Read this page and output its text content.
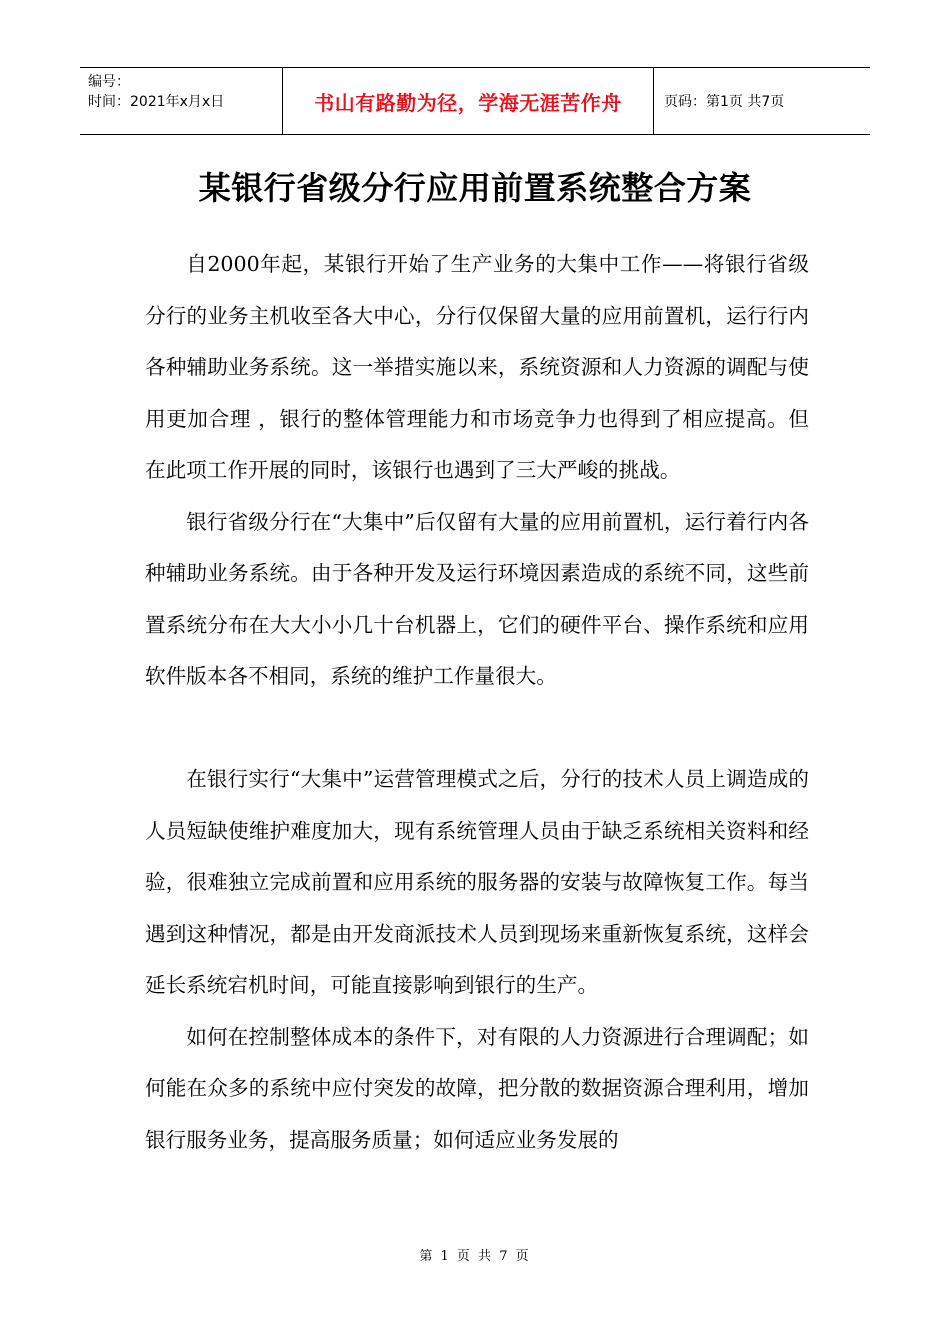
编号：
时间：2021年x月x日	书山有路勤为径，学海无涯苦作舟	页码：第1页 共7页
某银行省级分行应用前置系统整合方案

自2000年起，某银行开始了生产业务的大集中工作——将银行省级分行的业务主机收至各大中心，分行仅保留大量的应用前置机，运行行内各种辅助业务系统。这一举措实施以来，系统资源和人力资源的调配与使用更加合理 ，银行的整体管理能力和市场竞争力也得到了相应提高。但在此项工作开展的同时，该银行也遇到了三大严峻的挑战。

银行省级分行在“大集中”后仅留有大量的应用前置机，运行着行内各种辅助业务系统。由于各种开发及运行环境因素造成的系统不同，这些前置系统分布在大大小小几十台机器上，它们的硬件平台、操作系统和应用软件版本各不相同，系统的维护工作量很大。

在银行实行“大集中”运营管理模式之后，分行的技术人员上调造成的人员短缺使维护难度加大，现有系统管理人员由于缺乏系统相关资料和经验，很难独立完成前置和应用系统的服务器的安装与故障恢复工作。每当遇到这种情况，都是由开发商派技术人员到现场来重新恢复系统，这样会延长系统宕机时间，可能直接影响到银行的生产。

如何在控制整体成本的条件下，对有限的人力资源进行合理调配；如何能在众多的系统中应付突发的故障，把分散的数据资源合理利用，增加银行服务业务，提高服务质量；如何适应业务发展的

第 1 页 共 7 页
